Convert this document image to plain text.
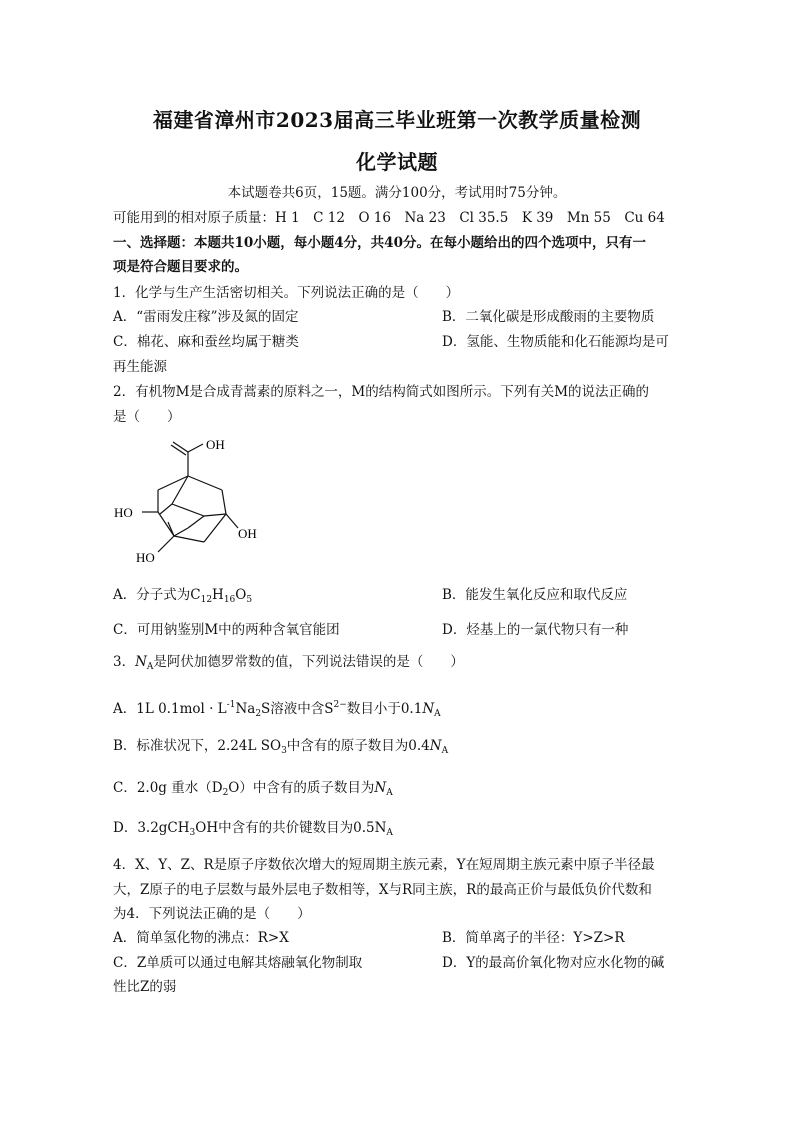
福建省漳州市2023届高三毕业班第一次教学质量检测
化学试题
本试题卷共6页，15题。满分100分，考试用时75分钟。
可能用到的相对原子质量：H 1　C 12　O 16　Na 23　Cl 35.5　K 39　Mn 55　Cu 64
一、选择题：本题共10小题，每小题4分，共40分。在每小题给出的四个选项中，只有一
项是符合题目要求的。
1．化学与生产生活密切相关。下列说法正确的是（　　）
A．“雷雨发庄稼”涉及氮的固定	B．二氧化碳是形成酸雨的主要物质
C．棉花、麻和蚕丝均属于糖类	D．氢能、生物质能和化石能源均是可
再生能源
2．有机物M是合成青蒿素的原料之一，M的结构简式如图所示。下列有关M的说法正确的
是（　　）
OH
HO
OH
HO
A．分子式为$C_{12}H_{16}O_5$	B．能发生氧化反应和取代反应
C．可用钠鉴别M中的两种含氧官能团	D．烃基上的一氯代物只有一种
3．$N_A$是阿伏加德罗常数的值，下列说法错误的是（　　）
A．1L $0.1mol \cdot L^{-1}Na_2S$溶液中含$S^{2-}$数目小于$0.1N_A$
B．标准状况下，2.24L $SO_3$中含有的原子数目为$0.4N_A$
C．2.0g 重水$(D_2O)$中含有的质子数目为$N_A$
D．3.2gCH$_3$OH中含有的共价键数目为$0.5N_A$
4．X、Y、Z、R是原子序数依次增大的短周期主族元素，Y在短周期主族元素中原子半径最
大，Z原子的电子层数与最外层电子数相等，X与R同主族，R的最高正价与最低负价代数和
为4．下列说法正确的是（　　）
A．简单氢化物的沸点：R>X	B．简单离子的半径：Y>Z>R
C．Z单质可以通过电解其熔融氧化物制取	D．Y的最高价氧化物对应水化物的碱
性比Z的弱
